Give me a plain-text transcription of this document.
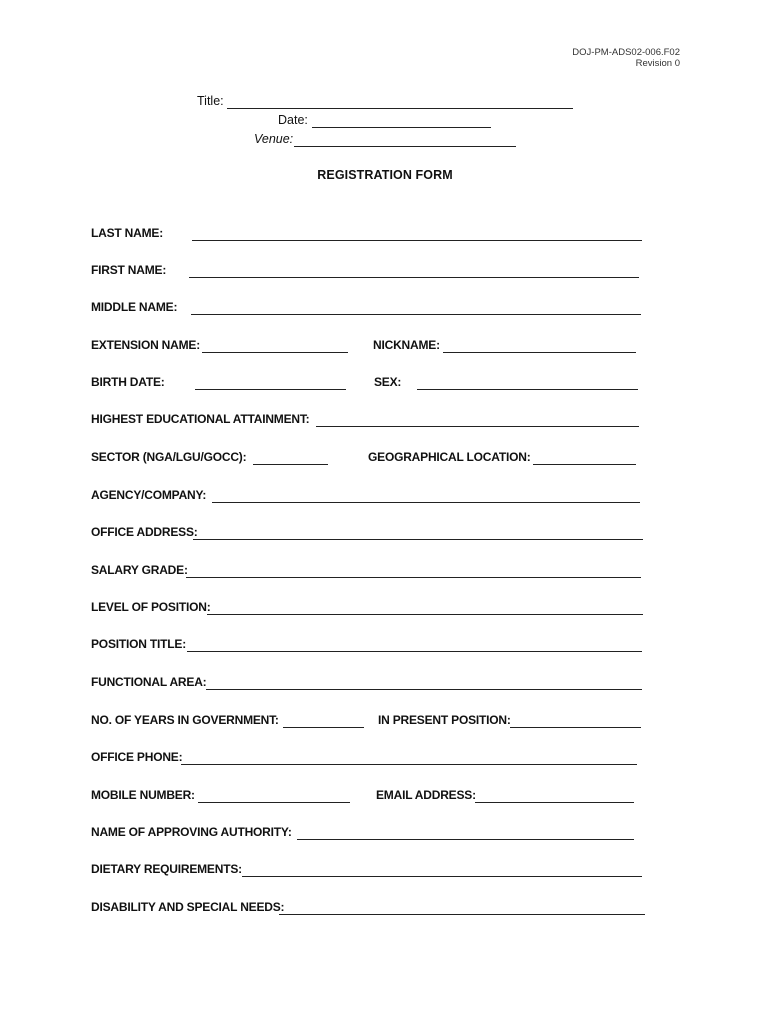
DOJ-PM-ADS02-006.F02
Revision 0
Title:
Date:
Venue:
REGISTRATION FORM
LAST NAME:
FIRST NAME:
MIDDLE NAME:
EXTENSION NAME:	NICKNAME:
BIRTH DATE:	SEX:
HIGHEST EDUCATIONAL ATTAINMENT:
SECTOR (NGA/LGU/GOCC):	GEOGRAPHICAL LOCATION:
AGENCY/COMPANY:
OFFICE ADDRESS:
SALARY GRADE:
LEVEL OF POSITION:
POSITION TITLE:
FUNCTIONAL AREA:
NO. OF YEARS IN GOVERNMENT:	IN PRESENT POSITION:
OFFICE PHONE:
MOBILE NUMBER:	EMAIL ADDRESS:
NAME OF APPROVING AUTHORITY:
DIETARY REQUIREMENTS:
DISABILITY AND SPECIAL NEEDS:
